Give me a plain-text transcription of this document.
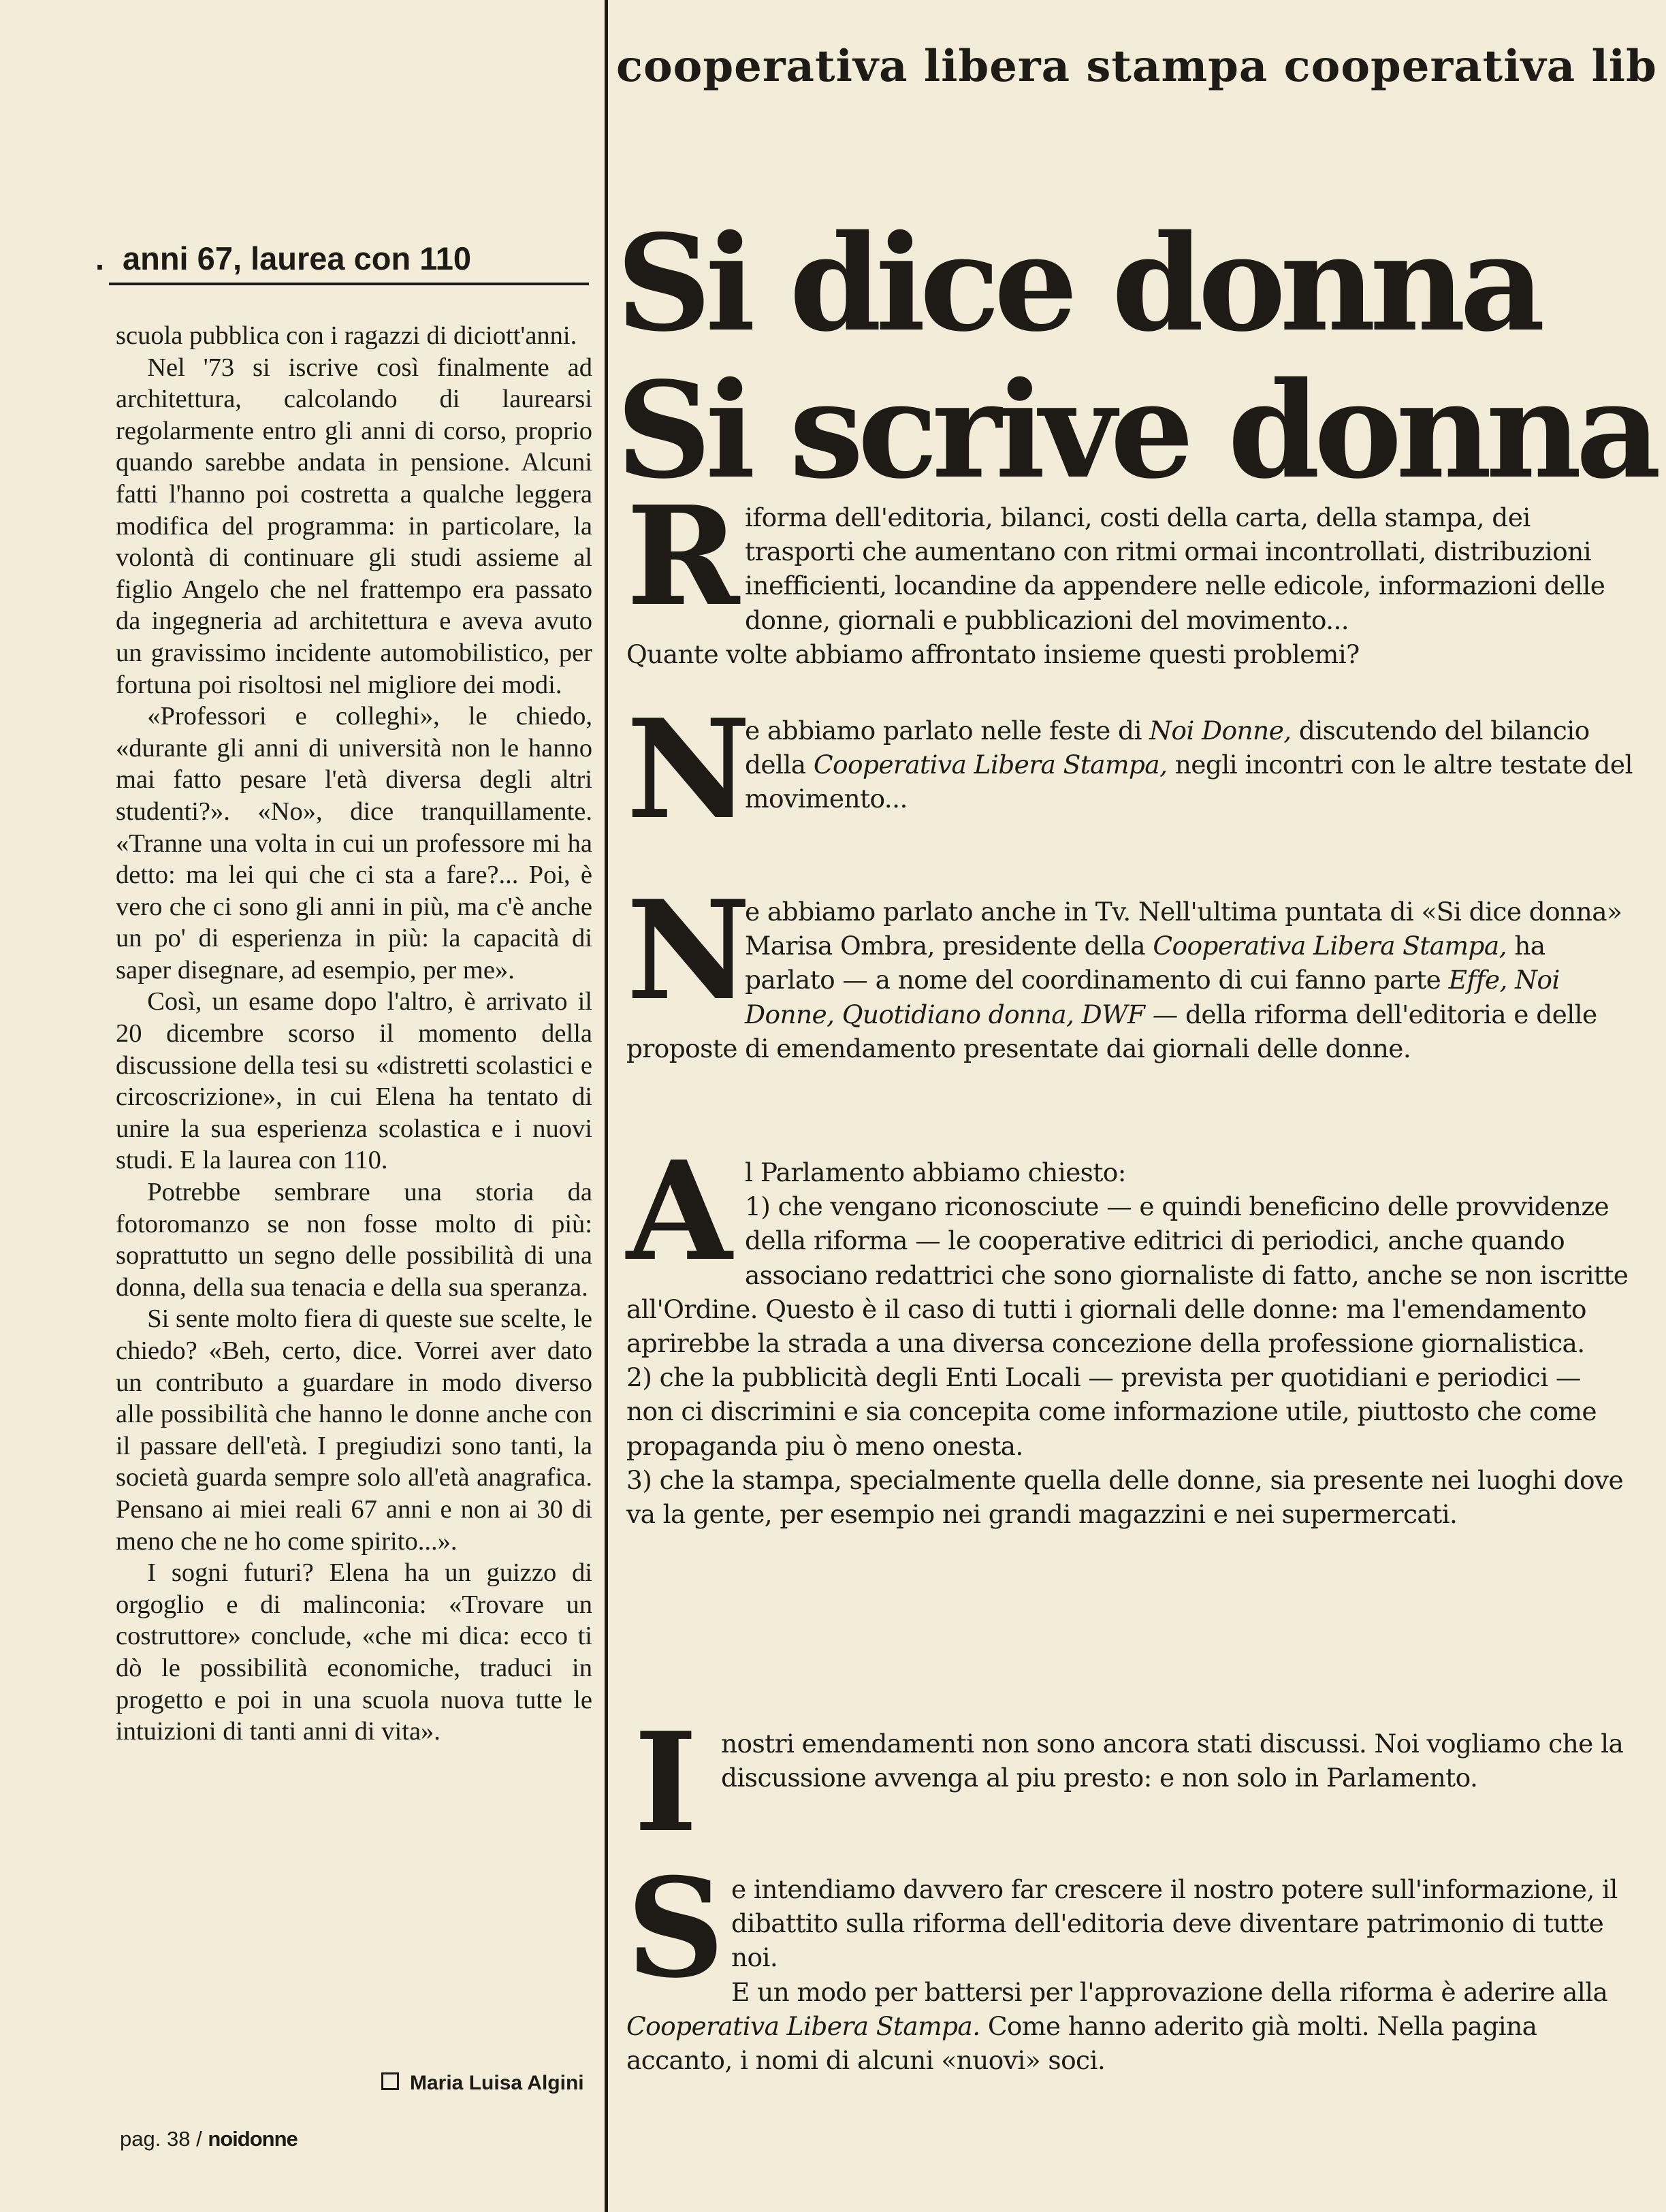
. anni 67, laurea con 110

scuola pubblica con i ragazzi di diciott'anni.

Nel '73 si iscrive così finalmente ad architettura, calcolando di laurearsi regolarmente entro gli anni di corso, proprio quando sarebbe andata in pensione. Alcuni fatti l'hanno poi costretta a qualche leggera modifica del programma: in particolare, la volontà di continuare gli studi assieme al figlio Angelo che nel frattempo era passato da ingegneria ad architettura e aveva avuto un gravissimo incidente automobilistico, per fortuna poi risoltosi nel migliore dei modi.

«Professori e colleghi», le chiedo, «durante gli anni di università non le hanno mai fatto pesare l'età diversa degli altri studenti?». «No», dice tranquillamente. «Tranne una volta in cui un professore mi ha detto: ma lei qui che ci sta a fare?... Poi, è vero che ci sono gli anni in più, ma c'è anche un po' di esperienza in più: la capacità di saper disegnare, ad esempio, per me».

Così, un esame dopo l'altro, è arrivato il 20 dicembre scorso il momento della discussione della tesi su «distretti scolastici e circoscrizione», in cui Elena ha tentato di unire la sua esperienza scolastica e i nuovi studi. E la laurea con 110.

Potrebbe sembrare una storia da fotoromanzo se non fosse molto di più: soprattutto un segno delle possibilità di una donna, della sua tenacia e della sua speranza.

Si sente molto fiera di queste sue scelte, le chiedo? «Beh, certo, dice. Vorrei aver dato un contributo a guardare in modo diverso alle possibilità che hanno le donne anche con il passare dell'età. I pregiudizi sono tanti, la società guarda sempre solo all'età anagrafica. Pensano ai miei reali 67 anni e non ai 30 di meno che ne ho come spirito...».

I sogni futuri? Elena ha un guizzo di orgoglio e di malinconia: «Trovare un costruttore» conclude, «che mi dica: ecco ti dò le possibilità economiche, traduci in progetto e poi in una scuola nuova tutte le intuizioni di tanti anni di vita».

Maria Luisa Algini
pag. 38 / noidonne
cooperativa libera stampa cooperativa lib
Si dice donna
Si scrive donna
R iforma dell'editoria, bilanci, costi della carta, della stampa, dei trasporti che aumentano con ritmi ormai incontrollati, distribuzioni inefficienti, locandine da appendere nelle edicole, informazioni delle donne, giornali e pubblicazioni del movimento...

Quante volte abbiamo affrontato insieme questi problemi?

N

e abbiamo parlato nelle feste di Noi Donne, discutendo del bilancio della Cooperativa Libera Stampa, negli incontri con le altre testate del movimento...

N

e abbiamo parlato anche in Tv. Nell'ultima puntata di «Si dice donna» Marisa Ombra, presidente della Cooperativa Libera Stampa, ha parlato — a nome del coordinamento di cui fanno parte Effe, Noi Donne, Quotidiano donna, DWF — della riforma dell'editoria e delle proposte di emendamento presentate dai giornali delle donne.

A l Parlamento abbiamo chiesto:

1) che vengano riconosciute — e quindi beneficino delle provvidenze della riforma — le cooperative editrici di periodici, anche quando associano redattrici che sono giornaliste di fatto, anche se non iscritte all'Ordine. Questo è il caso di tutti i giornali delle donne: ma l'emendamento aprirebbe la strada a una diversa concezione della professione giornalistica.

2) che la pubblicità degli Enti Locali — prevista per quotidiani e periodici — non ci discrimini e sia concepita come informazione utile, piuttosto che come propaganda piu ò meno onesta.

3) che la stampa, specialmente quella delle donne, sia presente nei luoghi dove va la gente, per esempio nei grandi magazzini e nei supermercati.

I nostri emendamenti non sono ancora stati discussi. Noi vogliamo che la discussione avvenga al piu presto: e non solo in Parlamento.

S e intendiamo davvero far crescere il nostro potere sull'informazione, il dibattito sulla riforma dell'editoria deve diventare patrimonio di tutte noi.

E un modo per battersi per l'approvazione della riforma è aderire alla Cooperativa Libera Stampa. Come hanno aderito già molti. Nella pagina accanto, i nomi di alcuni «nuovi» soci.
